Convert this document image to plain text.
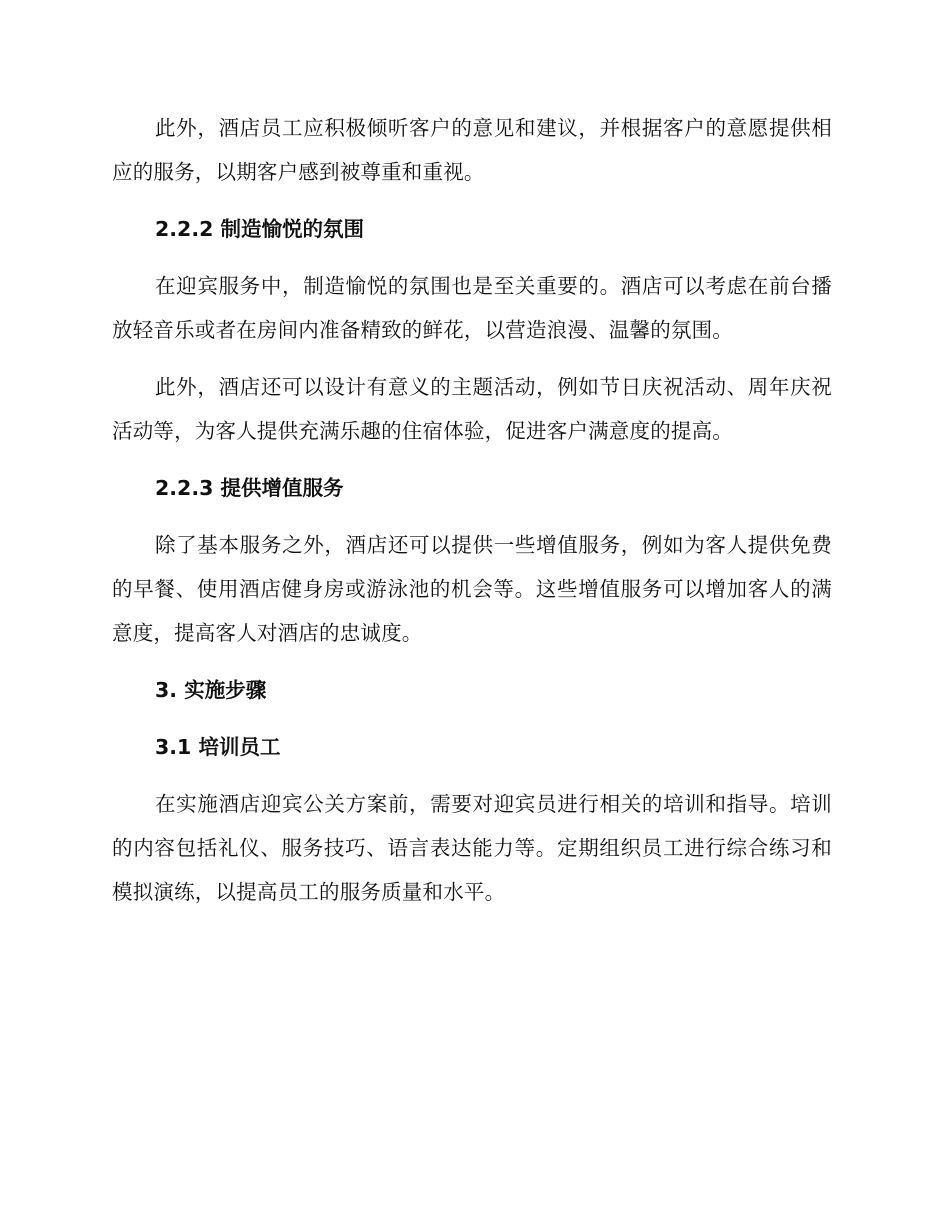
此外，酒店员工应积极倾听客户的意见和建议，并根据客户的意愿提供相应的服务，以期客户感到被尊重和重视。

2.2.2 制造愉悦的氛围

在迎宾服务中，制造愉悦的氛围也是至关重要的。酒店可以考虑在前台播放轻音乐或者在房间内准备精致的鲜花，以营造浪漫、温馨的氛围。

此外，酒店还可以设计有意义的主题活动，例如节日庆祝活动、周年庆祝活动等，为客人提供充满乐趣的住宿体验，促进客户满意度的提高。

2.2.3 提供增值服务

除了基本服务之外，酒店还可以提供一些增值服务，例如为客人提供免费的早餐、使用酒店健身房或游泳池的机会等。这些增值服务可以增加客人的满意度，提高客人对酒店的忠诚度。

3. 实施步骤
3.1 培训员工

在实施酒店迎宾公关方案前，需要对迎宾员进行相关的培训和指导。培训的内容包括礼仪、服务技巧、语言表达能力等。定期组织员工进行综合练习和模拟演练，以提高员工的服务质量和水平。
